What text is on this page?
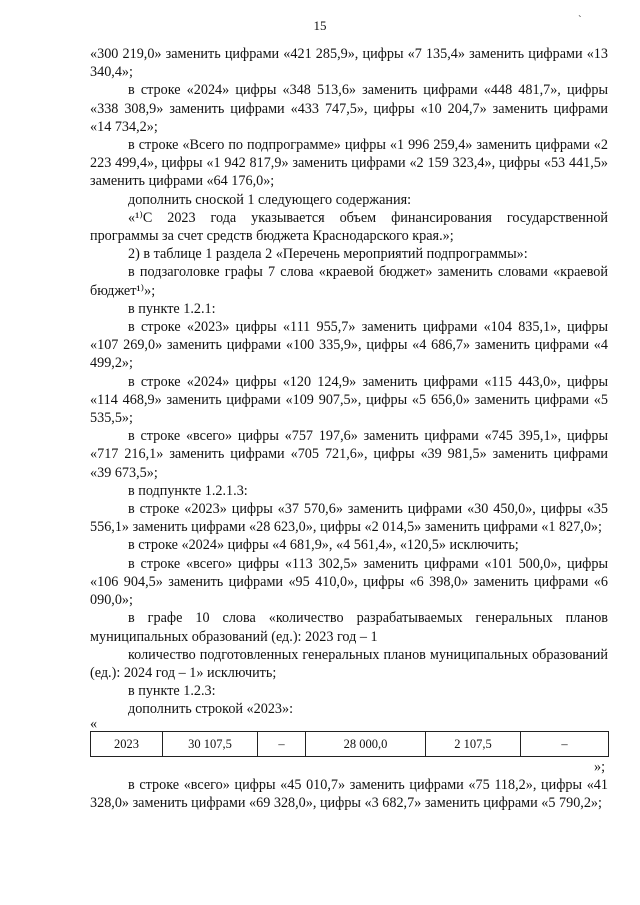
15	ˋ

«300 219,0» заменить цифрами «421 285,9», цифры «7 135,4» заменить цифрами «13 340,4»;

в строке «2024» цифры «348 513,6» заменить цифрами «448 481,7», цифры «338 308,9» заменить цифрами «433 747,5», цифры «10 204,7» заменить цифрами «14 734,2»;

в строке «Всего по подпрограмме» цифры «1 996 259,4» заменить цифрами «2 223 499,4», цифры «1 942 817,9» заменить цифрами «2 159 323,4», цифры «53 441,5» заменить цифрами «64 176,0»;

дополнить сноской 1 следующего содержания:

«¹⁾С 2023 года указывается объем финансирования государственной программы за счет средств бюджета Краснодарского края.»;

2) в таблице 1 раздела 2 «Перечень мероприятий подпрограммы»:

в подзаголовке графы 7 слова «краевой бюджет» заменить словами «краевой бюджет¹⁾»;

в пункте 1.2.1:

в строке «2023» цифры «111 955,7» заменить цифрами «104 835,1», цифры «107 269,0» заменить цифрами «100 335,9», цифры «4 686,7» заменить цифрами «4 499,2»;

в строке «2024» цифры «120 124,9» заменить цифрами «115 443,0», цифры «114 468,9» заменить цифрами «109 907,5», цифры «5 656,0» заменить цифрами «5 535,5»;

в строке «всего» цифры «757 197,6» заменить цифрами «745 395,1», цифры «717 216,1» заменить цифрами «705 721,6», цифры «39 981,5» заменить цифрами «39 673,5»;

в подпункте 1.2.1.3:

в строке «2023» цифры «37 570,6» заменить цифрами «30 450,0», цифры «35 556,1» заменить цифрами «28 623,0», цифры «2 014,5» заменить цифрами «1 827,0»;

в строке «2024» цифры «4 681,9», «4 561,4», «120,5» исключить;

в строке «всего» цифры «113 302,5» заменить цифрами «101 500,0», цифры «106 904,5» заменить цифрами «95 410,0», цифры «6 398,0» заменить цифрами «6 090,0»;

в графе 10 слова «количество разрабатываемых генеральных планов муниципальных образований (ед.): 2023 год – 1

количество подготовленных генеральных планов муниципальных образований (ед.): 2024 год – 1» исключить;

в пункте 1.2.3:

дополнить строкой «2023»:

«
2023	30 107,5	–	28 000,0	2 107,5	–
»;

в строке «всего» цифры «45 010,7» заменить цифрами «75 118,2», цифры «41 328,0» заменить цифрами «69 328,0», цифры «3 682,7» заменить цифрами «5 790,2»;
